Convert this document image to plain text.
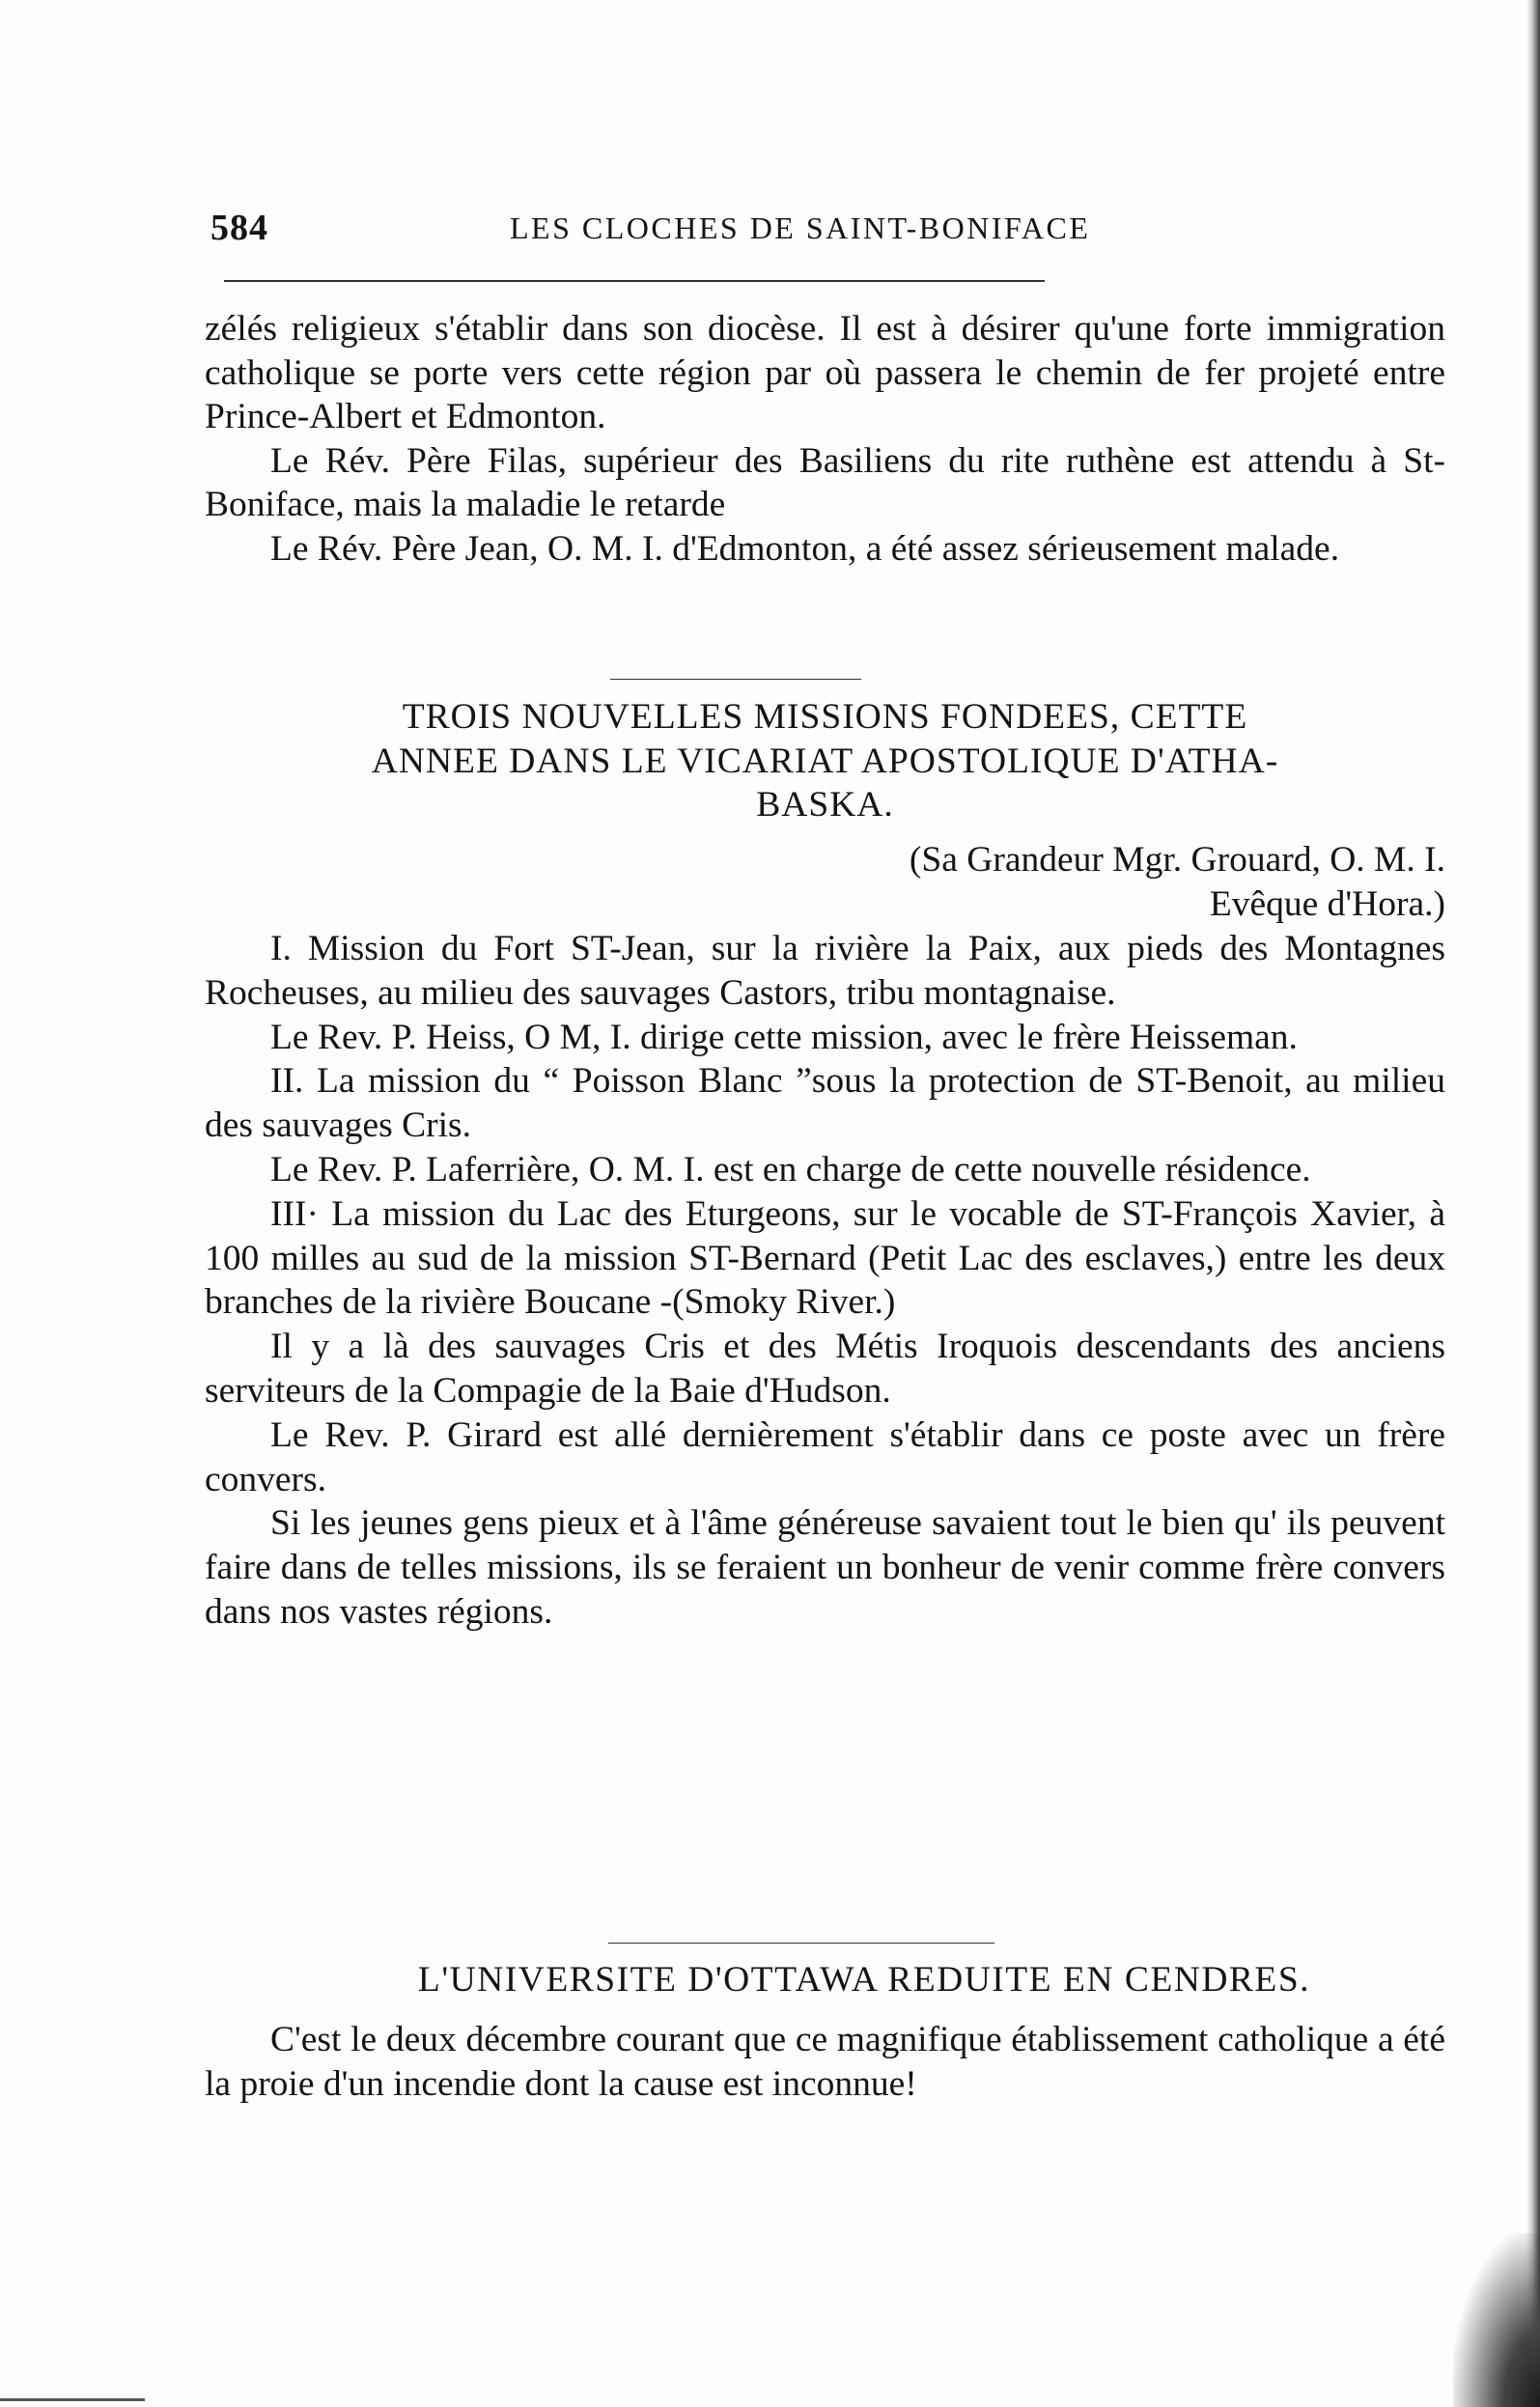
584	LES CLOCHES DE SAINT-BONIFACE

zélés religieux s'établir dans son diocèse. Il est à désirer qu'une forte immigration catholique se porte vers cette région par où passera le chemin de fer projeté entre Prince-Albert et Edmonton.

Le Rév. Père Filas, supérieur des Basiliens du rite ruthène est attendu à St-Boniface, mais la maladie le retarde

Le Rév. Père Jean, O. M. I. d'Edmonton, a été assez sérieusement malade.

TROIS NOUVELLES MISSIONS FONDEES, CETTE
ANNEE DANS LE VICARIAT APOSTOLIQUE D'ATHA-
BASKA.
(Sa Grandeur Mgr. Grouard, O. M. I.
Evêque d'Hora.)

I. Mission du Fort ST-Jean, sur la rivière la Paix, aux pieds des Montagnes Rocheuses, au milieu des sauvages Castors, tribu montagnaise.

Le Rev. P. Heiss, O M, I. dirige cette mission, avec le frère Heisseman.

II. La mission du “ Poisson Blanc ”sous la protection de ST-Benoit, au milieu des sauvages Cris.

Le Rev. P. Laferrière, O. M. I. est en charge de cette nouvelle résidence.

III· La mission du Lac des Eturgeons, sur le vocable de ST-François Xavier, à 100 milles au sud de la mission ST-Bernard (Petit Lac des esclaves,) entre les deux branches de la rivière Boucane -(Smoky River.)

Il y a là des sauvages Cris et des Métis Iroquois descendants des anciens serviteurs de la Compagie de la Baie d'Hudson.

Le Rev. P. Girard est allé dernièrement s'établir dans ce poste avec un frère convers.

Si les jeunes gens pieux et à l'âme généreuse savaient tout le bien qu' ils peuvent faire dans de telles missions, ils se feraient un bonheur de venir comme frère convers dans nos vastes régions.

L'UNIVERSITE D'OTTAWA REDUITE EN CENDRES.

C'est le deux décembre courant que ce magnifique établissement catholique a été la proie d'un incendie dont la cause est inconnue!
